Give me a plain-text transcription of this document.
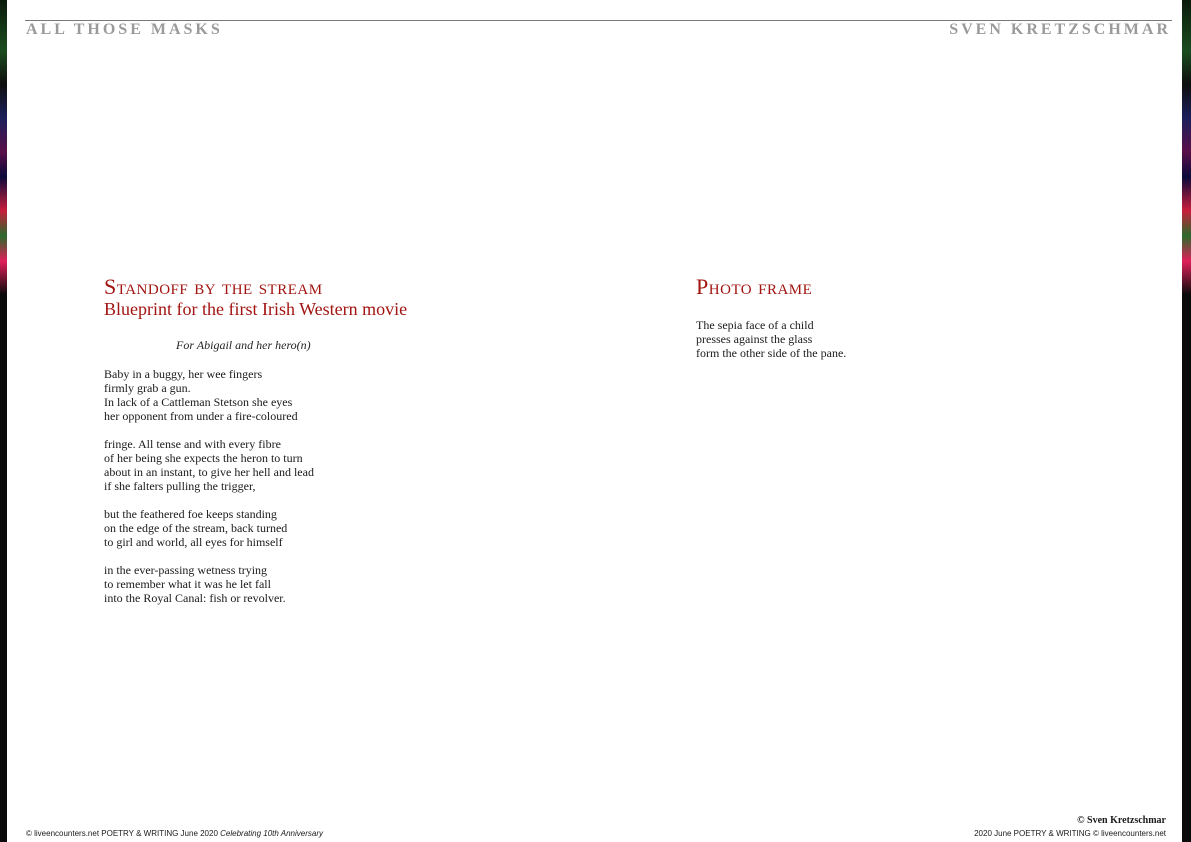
ALL THOSE MASKS	SVEN KRETZSCHMAR
Standoff by the stream
Blueprint for the first Irish Western movie
For Abigail and her hero(n)
Baby in a buggy, her wee fingers
firmly grab a gun.
In lack of a Cattleman Stetson she eyes
her opponent from under a fire-coloured
fringe. All tense and with every fibre
of her being she expects the heron to turn
about in an instant, to give her hell and lead
if she falters pulling the trigger,
but the feathered foe keeps standing
on the edge of the stream, back turned
to girl and world, all eyes for himself
in the ever-passing wetness trying
to remember what it was he let fall
into the Royal Canal: fish or revolver.
Photo frame
The sepia face of a child
presses against the glass
form the other side of the pane.
© liveencounters.net POETRY & WRITING June 2020 Celebrating 10th Anniversary
© Sven Kretzschmar
2020 June POETRY & WRITING © liveencounters.net
